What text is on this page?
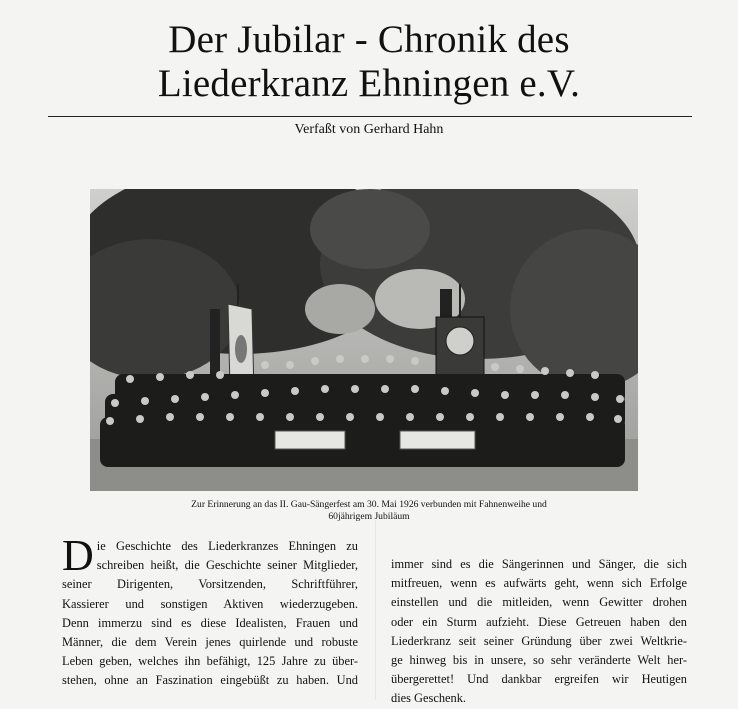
Der Jubilar - Chronik des
Liederkranz Ehningen e.V.
Verfaßt von Gerhard Hahn
Zur Erinnerung an das II. Gau-Sängerfest am 30. Mai 1926 verbunden mit Fahnenweihe und
60jährigem Jubiläum
D ie Geschichte des Liederkranzes Ehningen zu
schreiben heißt, die Geschichte seiner Mitglieder,
seiner Dirigenten, Vorsitzenden, Schriftführer,
Kassierer und sonstigen Aktiven wiederzugeben.
Denn immerzu sind es diese Idealisten, Frauen und
Männer, die dem Verein jenes quirlende und robuste
Leben geben, welches ihn befähigt, 125 Jahre zu über-
stehen, ohne an Faszination eingebüßt zu haben. Und
immer sind es die Sängerinnen und Sänger, die sich
mitfreuen, wenn es aufwärts geht, wenn sich Erfolge
einstellen und die mitleiden, wenn Gewitter drohen
oder ein Sturm aufzieht. Diese Getreuen haben den
Liederkranz seit seiner Gründung über zwei Weltkrie-
ge hinweg bis in unsere, so sehr veränderte Welt her-
übergerettet! Und dankbar ergreifen wir Heutigen
dies Geschenk.
